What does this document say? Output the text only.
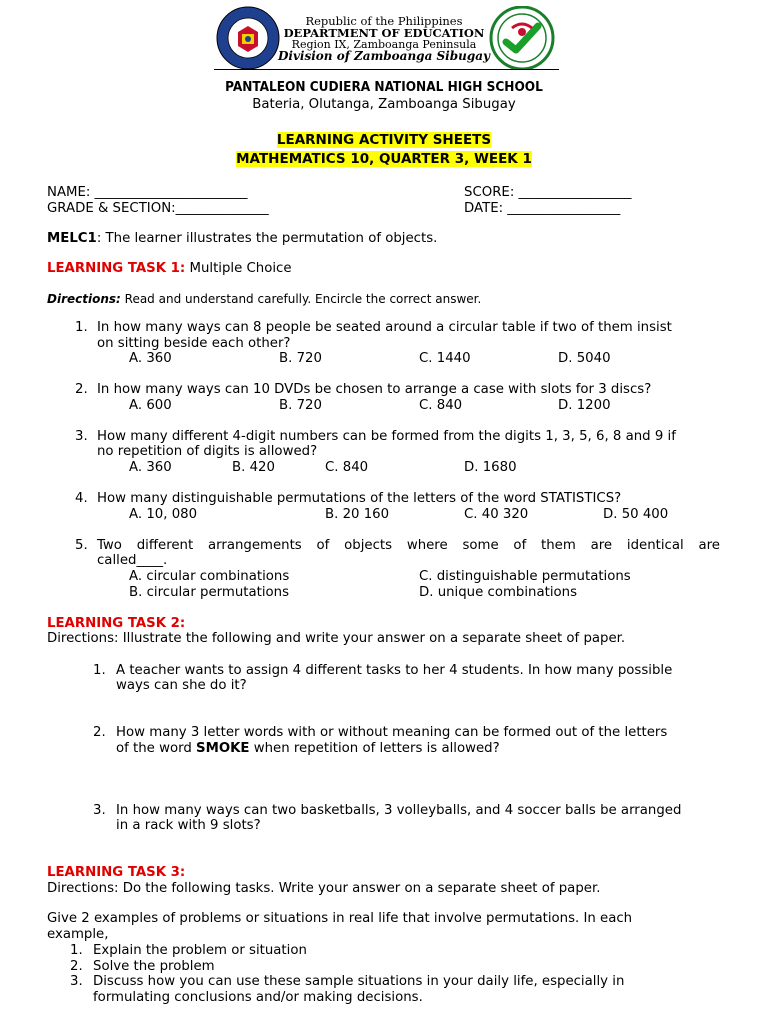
Republic of the Philippines
DEPARTMENT OF EDUCATION
Region IX, Zamboanga Peninsula
Division of Zamboanga Sibugay
PANTALEON CUDIERA NATIONAL HIGH SCHOOL
Bateria, Olutanga, Zamboanga Sibugay
LEARNING ACTIVITY SHEETS
MATHEMATICS 10, QUARTER 3, WEEK 1
NAME: _______________________
GRADE & SECTION:______________
SCORE: _________________
DATE: _________________
MELC1: The learner illustrates the permutation of objects.
LEARNING TASK 1: Multiple Choice
Directions: Read and understand carefully. Encircle the correct answer.
1. In how many ways can 8 people be seated around a circular table if two of them insist
on sitting beside each other?
A. 360	B. 720	C. 1440	D. 5040
2. In how many ways can 10 DVDs be chosen to arrange a case with slots for 3 discs?
A. 600	B. 720	C. 840	D. 1200
3. How many different 4-digit numbers can be formed from the digits 1, 3, 5, 6, 8 and 9 if
no repetition of digits is allowed?
A. 360	B. 420	C. 840	D. 1680
4. How many distinguishable permutations of the letters of the word STATISTICS?
A. 10, 080	B. 20 160	C. 40 320	D. 50 400
5. Two different arrangements of objects where some of them are identical are
called____.
A. circular combinations
B. circular permutations
C. distinguishable permutations
D. unique combinations
LEARNING TASK 2:
Directions: Illustrate the following and write your answer on a separate sheet of paper.
1. A teacher wants to assign 4 different tasks to her 4 students. In how many possible
ways can she do it?
2. How many 3 letter words with or without meaning can be formed out of the letters
of the word SMOKE when repetition of letters is allowed?
3. In how many ways can two basketballs, 3 volleyballs, and 4 soccer balls be arranged
in a rack with 9 slots?
LEARNING TASK 3:
Directions: Do the following tasks. Write your answer on a separate sheet of paper.
Give 2 examples of problems or situations in real life that involve permutations. In each
example,
1. Explain the problem or situation
2. Solve the problem
3. Discuss how you can use these sample situations in your daily life, especially in
formulating conclusions and/or making decisions.
